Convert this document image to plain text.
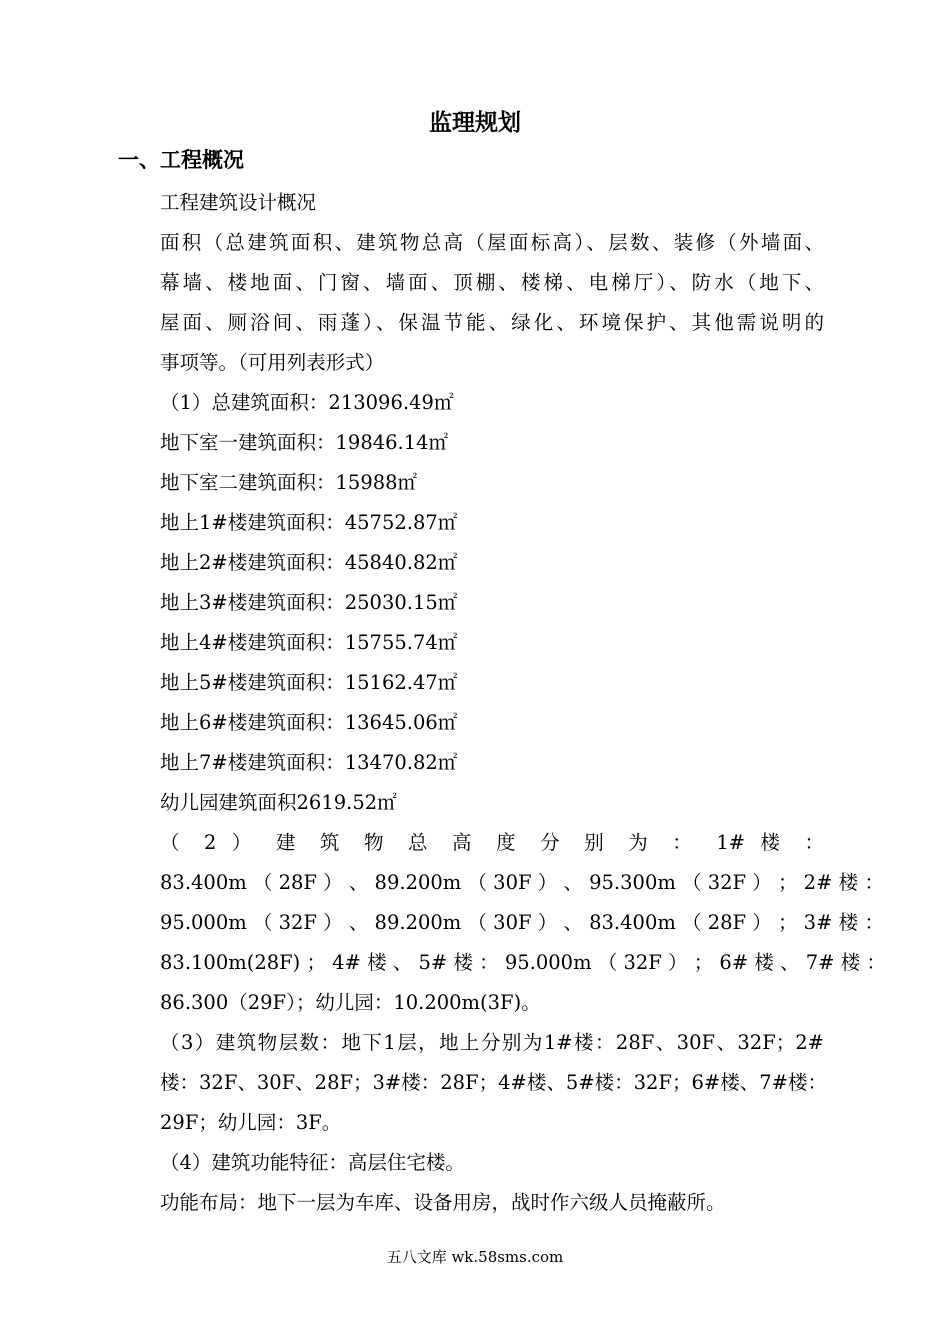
监理规划
一、工程概况
工程建筑设计概况
面积（总建筑面积、建筑物总高（屋面标高）、层数、装修（外墙面、
幕墙、楼地面、门窗、墙面、顶棚、楼梯、电梯厅）、防水（地下、
屋面、厕浴间、雨蓬）、保温节能、绿化、环境保护、其他需说明的
事项等。（可用列表形式）
（1）总建筑面积：213096.49㎡
地下室一建筑面积：19846.14㎡
地下室二建筑面积：15988㎡
地上1#楼建筑面积：45752.87㎡
地上2#楼建筑面积：45840.82㎡
地上3#楼建筑面积：25030.15㎡
地上4#楼建筑面积：15755.74㎡
地上5#楼建筑面积：15162.47㎡
地上6#楼建筑面积：13645.06㎡
地上7#楼建筑面积：13470.82㎡
幼儿园建筑面积2619.52㎡
（ 2 ） 建 筑 物 总 高 度 分 别 为 ： 1# 楼 ：
83.400m （ 28F ） 、 89.200m （ 30F ） 、 95.300m （ 32F ） ； 2# 楼 ：
95.000m （ 32F ） 、 89.200m （ 30F ） 、 83.400m （ 28F ） ； 3# 楼 ：
83.100m(28F) ； 4# 楼 、 5# 楼 ： 95.000m （ 32F ） ； 6# 楼 、 7# 楼 ：
86.300（29F）；幼儿园：10.200m(3F)。
（3）建筑物层数：地下1层，地上分别为1#楼：28F、30F、32F；2#
楼：32F、30F、28F；3#楼：28F；4#楼、5#楼：32F；6#楼、7#楼：
29F；幼儿园：3F。
（4）建筑功能特征：高层住宅楼。
功能布局：地下一层为车库、设备用房，战时作六级人员掩蔽所。
五八文库 wk.58sms.com
